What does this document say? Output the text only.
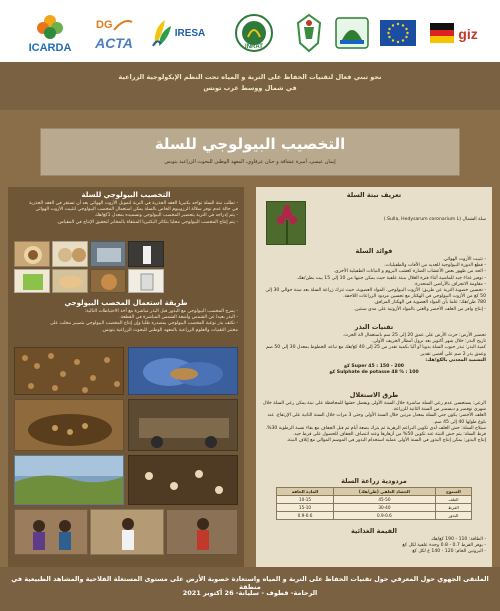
ICARDA
DG
ACTA
IRESA
INRAT
giz

نحو تبني فعال لتقنيات الحفاظ على التربة و المياه تحت النظم الإيكولوجية الزراعية

في شمال ووسط غرب تونس

التخصيب البيولوجي للسلة
إيمان عيسى، أميرة عشاقة و حنان عرفاوي، المعهد الوطني للبحوث الزراعية بتونس
التخصيب البيولوجي للسلة
- تطلب نبتة السلة تواجد بكتيريا العقد الجذرية في التربة لتمويل الأزوت الهوائي بعد أن تستقر في العقد الجذرية
في حالة عدم توفر سلالة الرزوبيوم الخاص بالسلة يمكن استعمال المخصب البيولوجي لتثبيت الأزوت الهوائي
- يتم إدراجه في التربة بتحضير المخصب البيولوجي وتسميده بمعدل 1كغ/هك
- يتم إنتاج المخصب البيولوجي محليا بتكاثر البكتيريا المنتقاة بالمخابر لتحقيق الإنتاج في المقياس.
طريقة استعمال المخصب البيولوجي
- يمزج المخصب البيولوجي مع البذور قبل البذر مباشرة مع أخذ الاحتياطات التالية:
- البذر بعيدا عن الشمس وأشعة الشمس المباشرة في القطعة.
- تكثف بذر نوعية المخصب البيولوجي بمصدره طلبا وإن إنتاج المخصب البيولوجي بتصبير مخلب على
مختبر التقنيات والعلوم الزراعية بالمعهد الوطني للبحوث الزراعية بتونس.
تعريف نبتة السلة
سلة الشمال (Sulla, Hedysarum coronarium L.)
فوائد السلة
- تثبيت الأزوت الهوائي.
- قطع الدورة البيولوجية للعديد من الآفات والطفيليات.
- الحد من ظهور بعض الأعشاب الضارة كعشب البروم و النباتات الطفيلية الأخرى.
- توفير غذاء جيد للماشية أثناء فترة الغلال بنبتة علفية حيث يمكن جنيها من 10 إلى 15 بيت بطن/هك.
- مقاومة الانجراف بالأراضي المنحدرة.
- تحسين خصوبة التربة عن طريق: الأزوت البيولوجي، المواد العضوية، حيث تترك زراعة السلة بعد سنة حوالي 30 إلى 50 كغ من الأزوت البيولوجي في الهكتار مع تحسين مردود الزراعات اللاحقة.
780 طن/هك؛ علما بأن المواد العضوية في الهكتار المرافق.
- إنتاج وافر من العلف الأخضر والغني بالمواد الأزوتية على مدى سنتين.
تقنيات البذر
تحضير الأرض: حرث الأرض على عمق 20 إلى 25 صم باستعمال الة الحرث.
تاريخ البذر: خلال شهر أكتوبر بعد نزول أمطار الخريف الأولى.
كمية البذر: تبذر حبوب السلة بدويا أو آليا بكمية تقدر من 25 إلى 40 كغ/هك مع تباعد الخطوط بمعدل 30 إلى 50 صم وعمق بذر 2 صم على أقصى تقدير.
التسميد المعدني بالكغ/هك:
Super 45 : 150 - 200 كغ
Sulphate de potasse 48 % : 100 كغ
طرق الاستغلال
الرعي: يستحسن عدم رعي السلة مباشرة خلال السنة الأولى ويفضل حشها للمحافظة على نبتة يمكن رعي السلة خلال شهري نوفمبر و ديسمبر من السنة الثانية للزراعة.
العلف الأخضر: يكون جني السلة بمعدل مرتين خلال السنة الأولى وحتى 3 مرات خلال السنة الثانية على الإرتفاع. عند بلوغ طولها 40 إلى 45 صم.
سيلاج السلة: حش العلف لدى تكوين البراعم الزهرية ثم يترك بضعة أيام ثم قبل الجفاف مع بقاء نسبة الرطوبة 30%.
قرط السلة: يتم حش النبتة عند تكوين 50% من أزهارها وعند انتصاف الجفاف للحصول على قرط جيد.
إنتاج البذور: يمكن إنتاج البذور في السنة الأولى عملية استخدام البذور في الموسم الموالي مع إتلاف النبتة.
مردودية زراعة السلة
المادة الجافة	الحصاد العلفي (طن/هك)	المنتوج
10-15	45-50	العلف
15-10	30-40	القرط
0.9-0.6	0.9-0.6	البذور
القيمة الغذائية
- الطاقة: 110 - 190 كغ/هك
- يوفر القرط 0.7 - 0.8 وحدة علفية لكل كغ
- البروتين الخام: 120 - 140 غ لكل كغ

الملتقى الجهوي حول المعرفي حول تقنيات الحفاظ على التربة و المياه واستعادة خصوبة الأرض على مستوى المستغلة الفلاحية والمشاهد الطبيعية في منطقة

الرحامة- قطوف - سليانة- 26 أكتوبر 2021
